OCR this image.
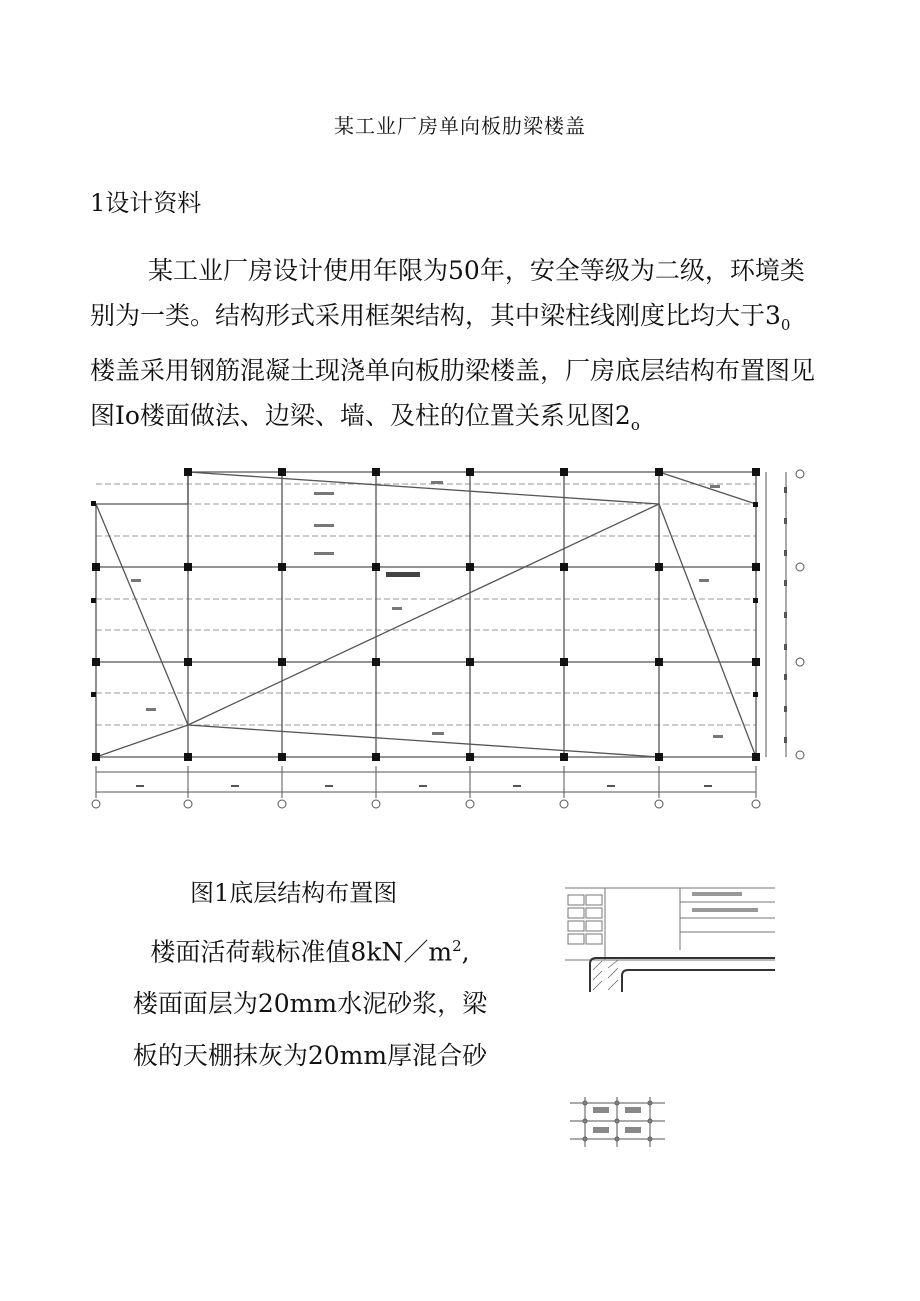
某工业厂房单向板肋梁楼盖
1设计资料

某工业厂房设计使用年限为50年，安全等级为二级，环境类

别为一类。结构形式采用框架结构，其中梁柱线刚度比均大于$3_0$

楼盖采用钢筋混凝土现浇单向板肋梁楼盖，厂房底层结构布置图见

图Io楼面做法、边梁、墙、及柱的位置关系见图$2_o$

图1底层结构布置图

楼面活荷载标准值$8kN/m^2$,

楼面面层为20mm水泥砂浆，梁

板的天棚抹灰为20mm厚混合砂
